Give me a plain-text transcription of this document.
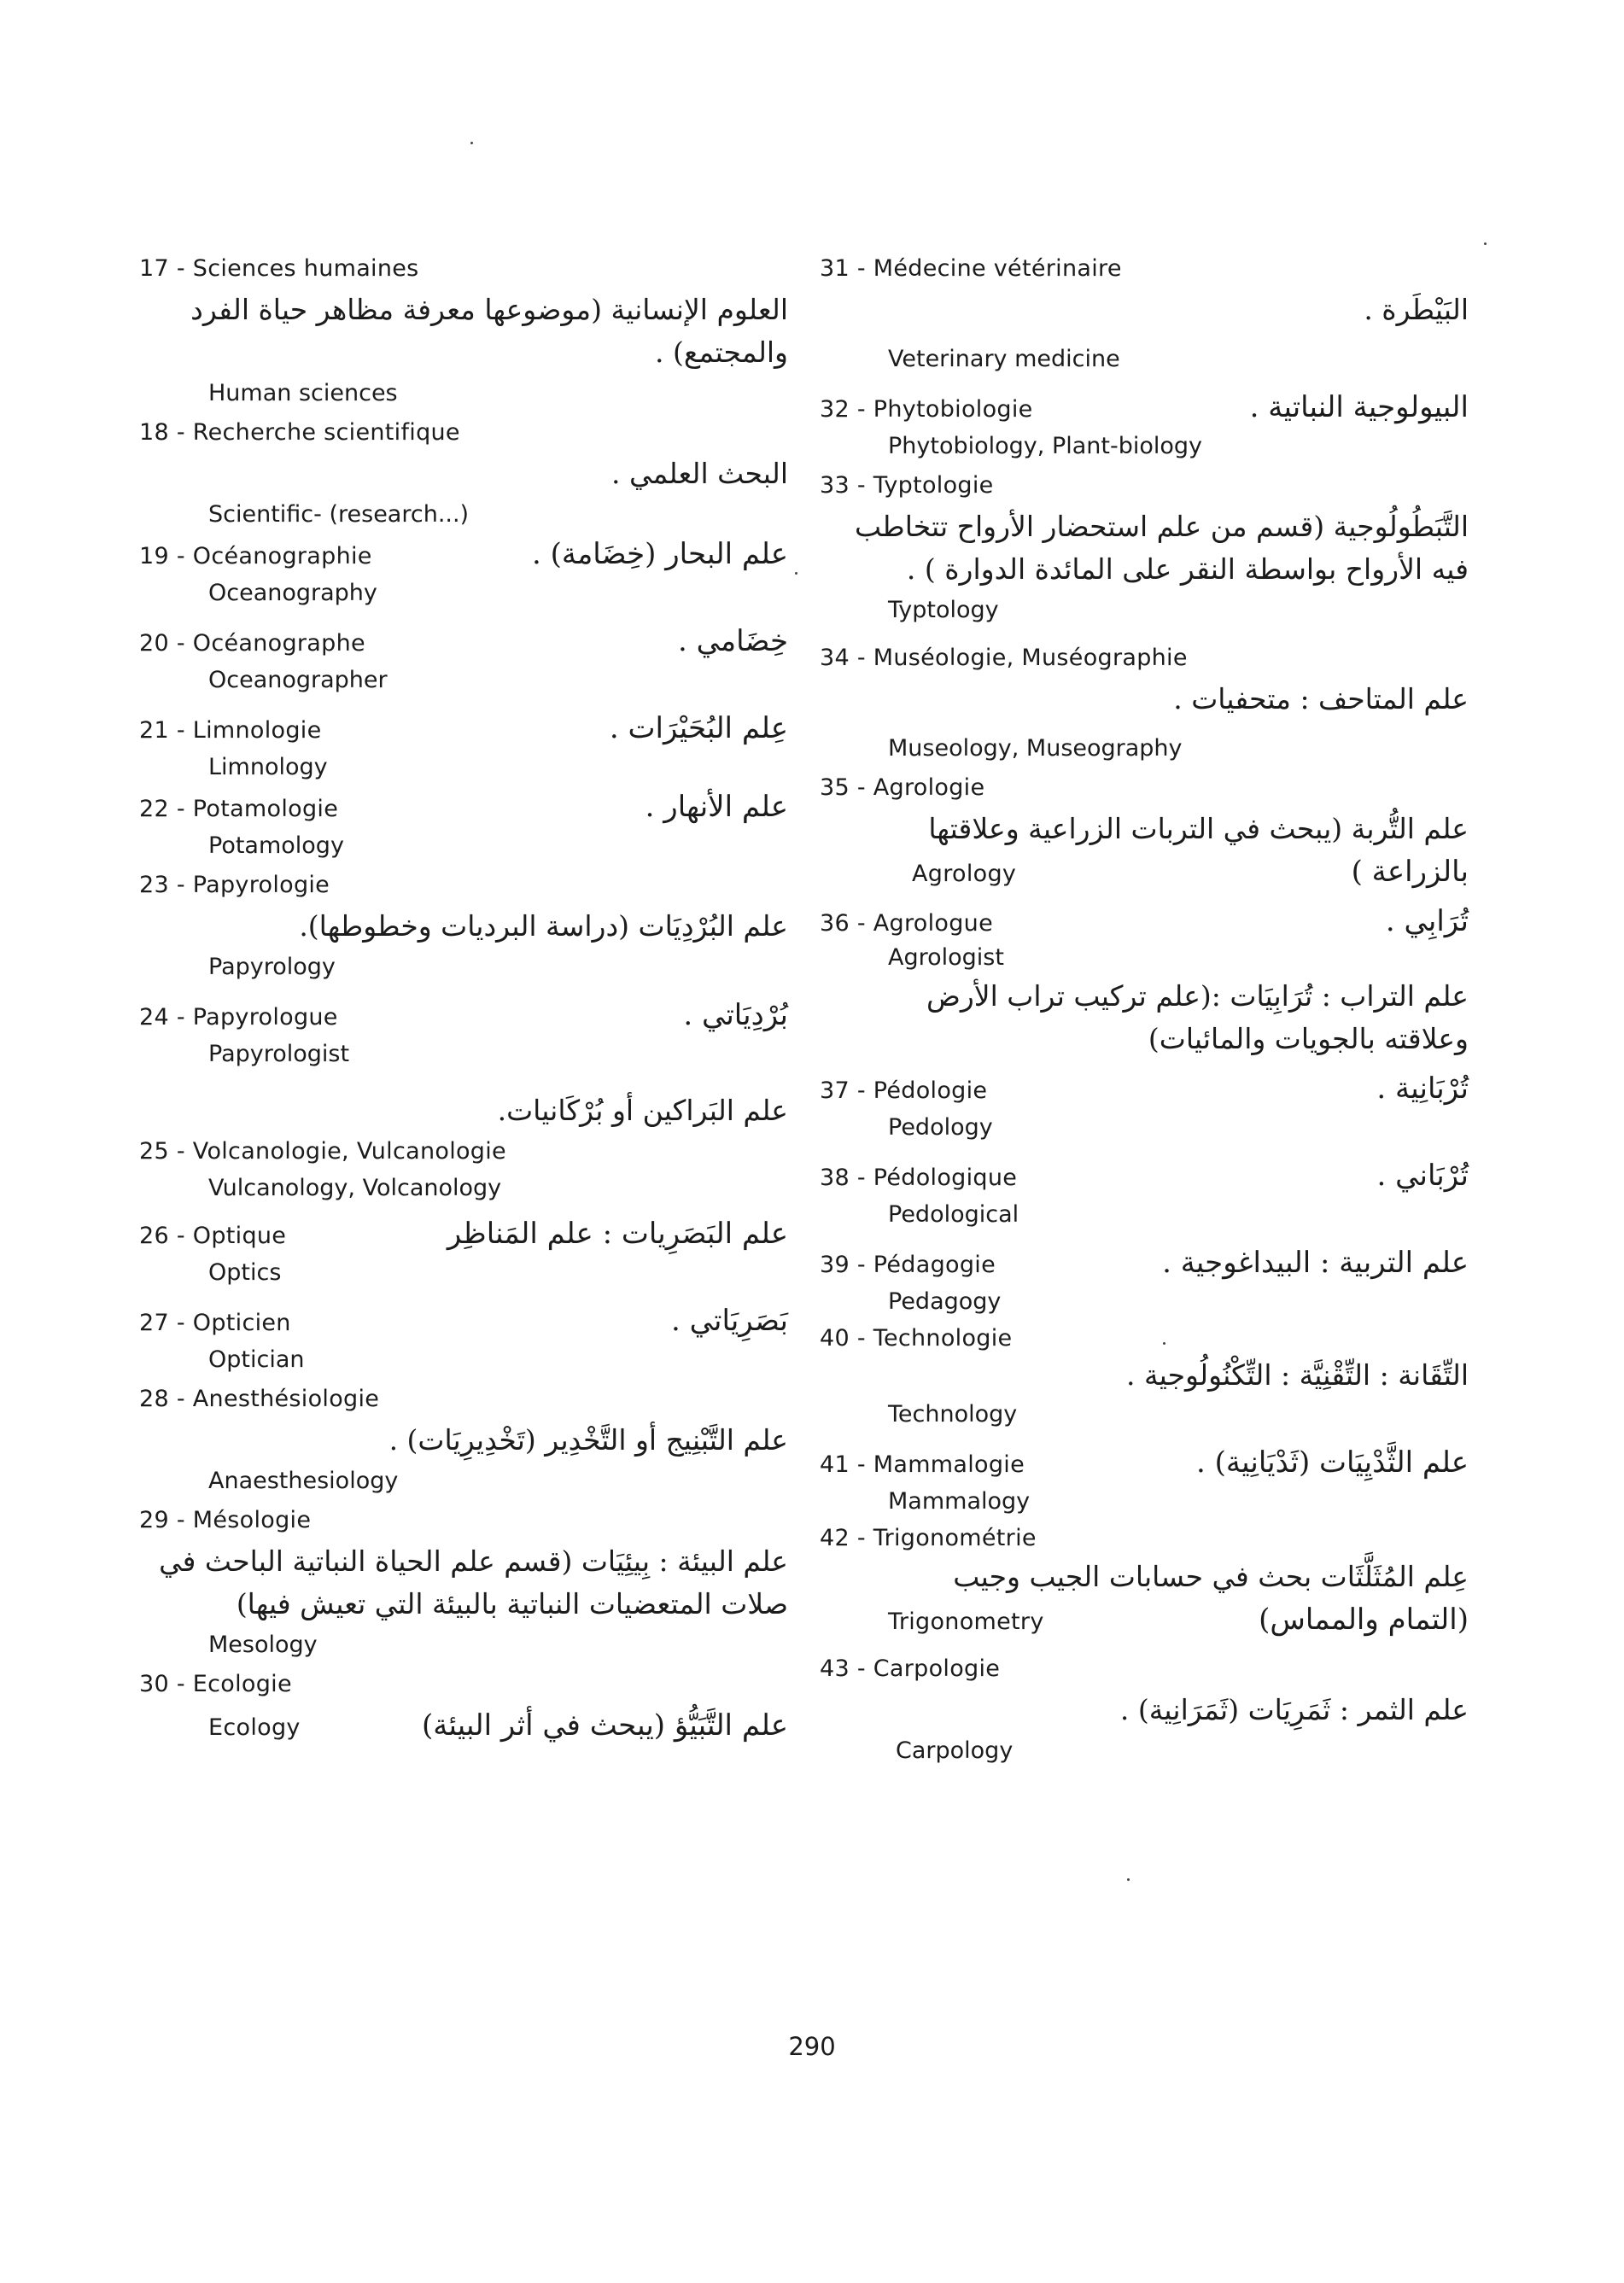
17 - Sciences humaines
العلوم الإنسانية (موضوعها معرفة مظاهر حياة الفرد
والمجتمع) .
Human sciences
18 - Recherche scientifique
البحث العلمي .
Scientific- (research...)
19 - Océanographie	علم البحار (خِضَامة) .
Oceanography
20 - Océanographe	خِضَامي .
Oceanographer
21 - Limnologie	عِلم البُحَيْرَات .
Limnology
22 - Potamologie	علم الأنهار .
Potamology
23 - Papyrologie
علم البُرْدِيَات (دراسة البرديات وخطوطها).
Papyrology
24 - Papyrologue	بُرْدِيَاتي .
Papyrologist
علم البَراكين أو بُرْكَانيات.
25 - Volcanologie, Vulcanologie
Vulcanology, Volcanology
26 - Optique	علم البَصَرِيات : علم المَناظِر
Optics
27 - Opticien	بَصَرِيَاتي .
Optician
28 - Anesthésiologie
علم التَّبْنِيج أو التَّخْدِير (تَخْدِيرِيَات) .
Anaesthesiology
29 - Mésologie
علم البيئة : بِيئِيَات (قسم علم الحياة النباتية الباحث في
صلات المتعضيات النباتية بالبيئة التي تعيش فيها)
Mesology
30 - Ecologie
Ecology	علم التَّبَيُّؤ (يبحث في أثر البيئة)
31 - Médecine vétérinaire
البَيْطَرة .
Veterinary medicine
32 - Phytobiologie	البيولوجية النباتية .
Phytobiology, Plant-biology
33 - Typtologie
التَّبَطُولُوجية (قسم من علم استحضار الأرواح تتخاطب
فيه الأرواح بواسطة النقر على المائدة الدوارة ) .
Typtology
34 - Muséologie, Muséographie
علم المتاحف : متحفيات .
Museology, Museography
35 - Agrologie
علم التُّربة (يبحث في التربات الزراعية وعلاقتها
Agrology	بالزراعة )
36 - Agrologue	تُرَابِي .
Agrologist
علم التراب : تُرَابِيَات :(علم تركيب تراب الأرض
وعلاقته بالجويات والمائيات)
37 - Pédologie	تُرْبَانِية .
Pedology
38 - Pédologique	تُرْبَاني .
Pedological
39 - Pédagogie	علم التربية : البيداغوجية .
Pedagogy
40 - Technologie
التِّقَانة : التِّقْنِيَّة : التِّكْنُولُوجية .
Technology
41 - Mammalogie	علم الثَّدْيِيَات (ثَدْيَانِية) .
Mammalogy
42 - Trigonométrie
عِلم المُثَلَّثَات بحث في حسابات الجيب وجيب
Trigonometry	(التمام والمماس)
43 - Carpologie
علم الثمر : ثَمَرِيَات (ثَمَرَانِية) .
Carpology
290
